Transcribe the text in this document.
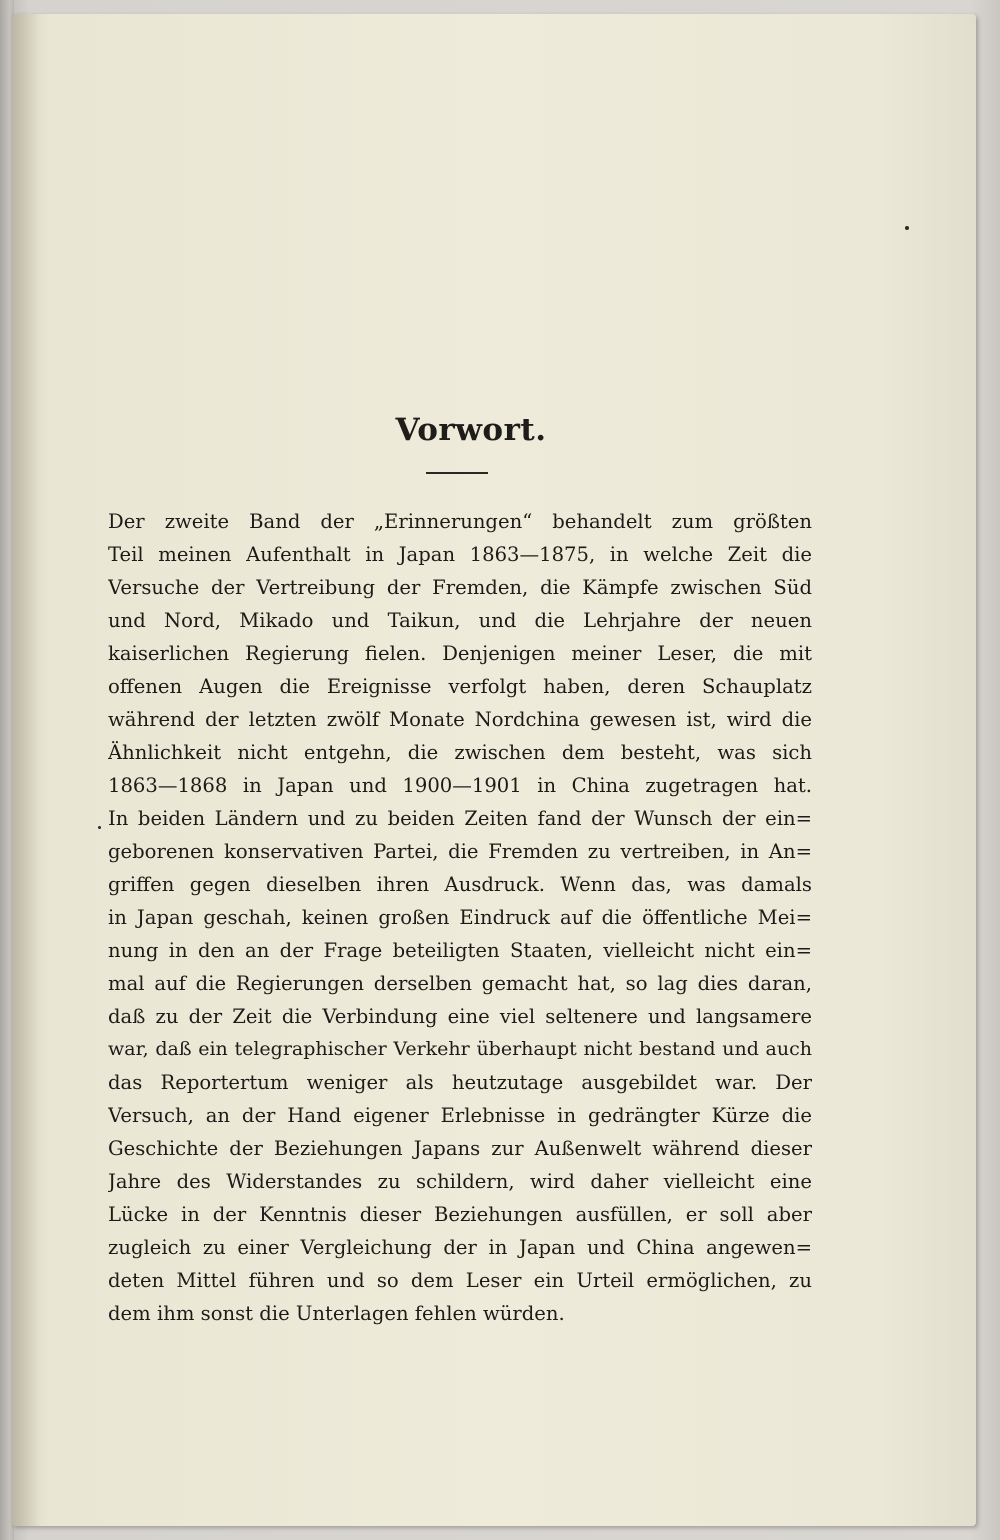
Vorwort.
Der zweite Band der „Erinnerungen“ behandelt zum größten
Teil meinen Aufenthalt in Japan 1863—1875, in welche Zeit die
Versuche der Vertreibung der Fremden, die Kämpfe zwischen Süd
und Nord, Mikado und Taikun, und die Lehrjahre der neuen
kaiserlichen Regierung fielen. Denjenigen meiner Leser, die mit
offenen Augen die Ereignisse verfolgt haben, deren Schauplatz
während der letzten zwölf Monate Nordchina gewesen ist, wird die
Ähnlichkeit nicht entgehn, die zwischen dem besteht, was sich
1863—1868 in Japan und 1900—1901 in China zugetragen hat.
In beiden Ländern und zu beiden Zeiten fand der Wunsch der ein=
geborenen konservativen Partei, die Fremden zu vertreiben, in An=
griffen gegen dieselben ihren Ausdruck. Wenn das, was damals
in Japan geschah, keinen großen Eindruck auf die öffentliche Mei=
nung in den an der Frage beteiligten Staaten, vielleicht nicht ein=
mal auf die Regierungen derselben gemacht hat, so lag dies daran,
daß zu der Zeit die Verbindung eine viel seltenere und langsamere
war, daß ein telegraphischer Verkehr überhaupt nicht bestand und auch
das Reportertum weniger als heutzutage ausgebildet war. Der
Versuch, an der Hand eigener Erlebnisse in gedrängter Kürze die
Geschichte der Beziehungen Japans zur Außenwelt während dieser
Jahre des Widerstandes zu schildern, wird daher vielleicht eine
Lücke in der Kenntnis dieser Beziehungen ausfüllen, er soll aber
zugleich zu einer Vergleichung der in Japan und China angewen=
deten Mittel führen und so dem Leser ein Urteil ermöglichen, zu
dem ihm sonst die Unterlagen fehlen würden.
